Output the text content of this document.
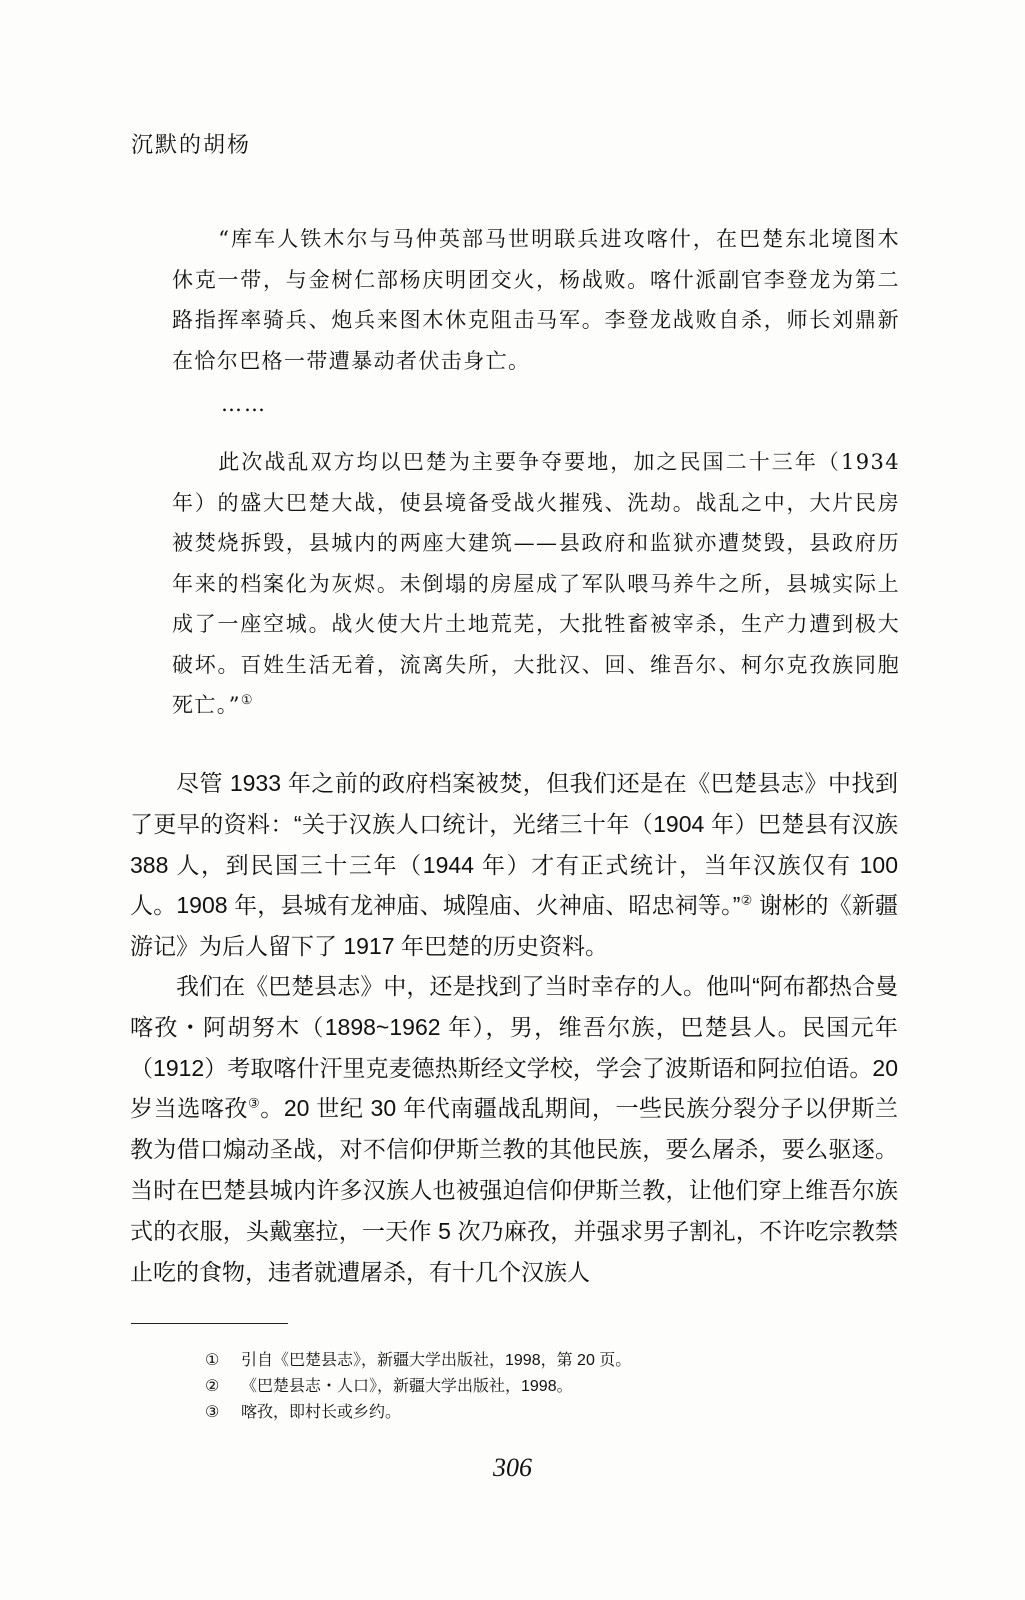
沉默的胡杨

“库车人铁木尔与马仲英部马世明联兵进攻喀什，在巴楚东北境图木休克一带，与金树仁部杨庆明团交火，杨战败。喀什派副官李登龙为第二路指挥率骑兵、炮兵来图木休克阻击马军。李登龙战败自杀，师长刘鼎新在恰尔巴格一带遭暴动者伏击身亡。

……

此次战乱双方均以巴楚为主要争夺要地，加之民国二十三年（1934 年）的盛大巴楚大战，使县境备受战火摧残、洗劫。战乱之中，大片民房被焚烧拆毁，县城内的两座大建筑——县政府和监狱亦遭焚毁，县政府历年来的档案化为灰烬。未倒塌的房屋成了军队喂马养牛之所，县城实际上成了一座空城。战火使大片土地荒芜，大批牲畜被宰杀，生产力遭到极大破坏。百姓生活无着，流离失所，大批汉、回、维吾尔、柯尔克孜族同胞死亡。”①

尽管 1933 年之前的政府档案被焚，但我们还是在《巴楚县志》中找到了更早的资料：“关于汉族人口统计，光绪三十年（1904 年）巴楚县有汉族 388 人，到民国三十三年（1944 年）才有正式统计，当年汉族仅有 100 人。1908 年，县城有龙神庙、城隍庙、火神庙、昭忠祠等。”② 谢彬的《新疆游记》为后人留下了 1917 年巴楚的历史资料。

我们在《巴楚县志》中，还是找到了当时幸存的人。他叫“阿布都热合曼喀孜・阿胡努木（1898~1962 年），男，维吾尔族，巴楚县人。民国元年（1912）考取喀什汗里克麦德热斯经文学校，学会了波斯语和阿拉伯语。20 岁当选喀孜③。20 世纪 30 年代南疆战乱期间，一些民族分裂分子以伊斯兰教为借口煽动圣战，对不信仰伊斯兰教的其他民族，要么屠杀，要么驱逐。当时在巴楚县城内许多汉族人也被强迫信仰伊斯兰教，让他们穿上维吾尔族式的衣服，头戴塞拉，一天作 5 次乃麻孜，并强求男子割礼，不许吃宗教禁止吃的食物，违者就遭屠杀，有十几个汉族人

①	引自《巴楚县志》，新疆大学出版社，1998，第 20 页。
②	《巴楚县志・人口》，新疆大学出版社，1998。
③	喀孜，即村长或乡约。
306
